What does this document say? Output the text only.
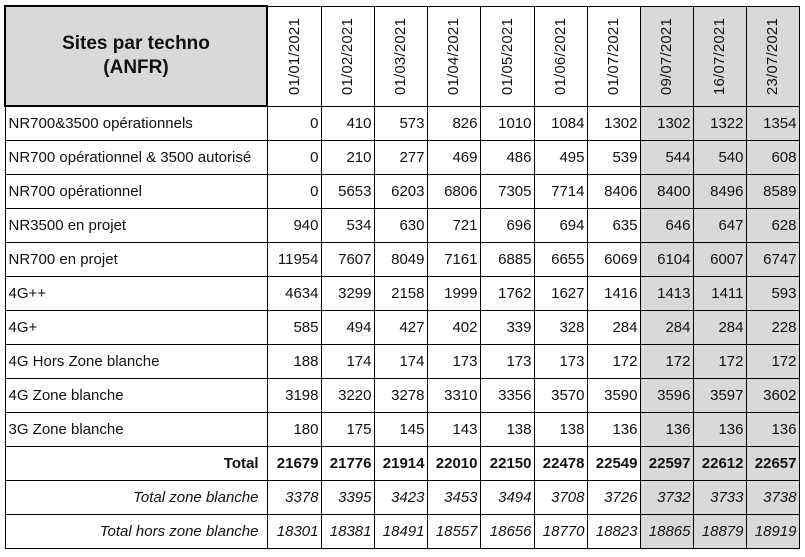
Sites par techno
(ANFR)	01/01/2021	01/02/2021	01/03/2021	01/04/2021	01/05/2021	01/06/2021	01/07/2021	09/07/2021	16/07/2021	23/07/2021
NR700&3500 opérationnels	0	410	573	826	1010	1084	1302	1302	1322	1354
NR700 opérationnel & 3500 autorisé	0	210	277	469	486	495	539	544	540	608
NR700 opérationnel	0	5653	6203	6806	7305	7714	8406	8400	8496	8589
NR3500 en projet	940	534	630	721	696	694	635	646	647	628
NR700 en projet	11954	7607	8049	7161	6885	6655	6069	6104	6007	6747
4G++	4634	3299	2158	1999	1762	1627	1416	1413	1411	593
4G+	585	494	427	402	339	328	284	284	284	228
4G Hors Zone blanche	188	174	174	173	173	173	172	172	172	172
4G Zone blanche	3198	3220	3278	3310	3356	3570	3590	3596	3597	3602
3G Zone blanche	180	175	145	143	138	138	136	136	136	136
Total	21679	21776	21914	22010	22150	22478	22549	22597	22612	22657
Total zone blanche	3378	3395	3423	3453	3494	3708	3726	3732	3733	3738
Total hors zone blanche	18301	18381	18491	18557	18656	18770	18823	18865	18879	18919
